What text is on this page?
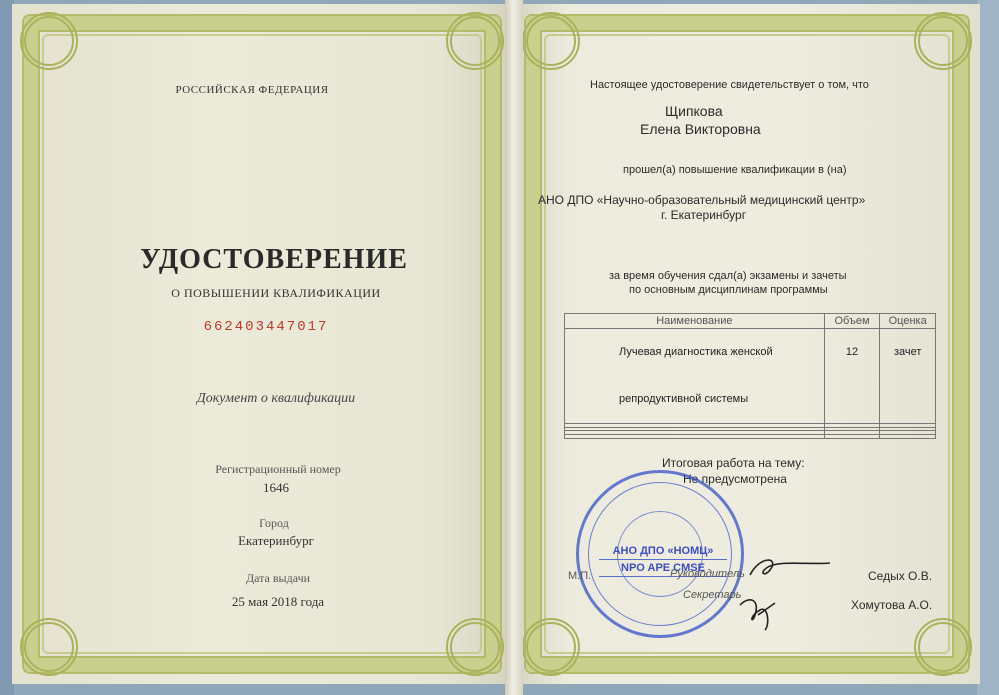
РОССИЙСКАЯ ФЕДЕРАЦИЯ
УДОСТОВЕРЕНИЕ
О ПОВЫШЕНИИ КВАЛИФИКАЦИИ
662403447017
Документ о квалификации
Регистрационный номер
1646
Город
Екатеринбург
Дата выдачи
25 мая 2018 года
Настоящее удостоверение свидетельствует о том, что
Щипкова
Елена Викторовна
прошел(а) повышение квалификации в (на)
АНО ДПО «Научно-образовательный медицинский центр»
г. Екатеринбург
за время обучения сдал(а) экзамены и зачеты
по основным дисциплинам программы
Наименование	Объем	Оценка
Лучевая диагностика женской	12	зачет
репродуктивной системы		

Итоговая работа на тему:
Не предусмотрена
АНО ДПО «НОМЦ»
NPO APE CMSE
М.П.	Руководитель
Секретарь
Седых О.В.
Хомутова А.О.
